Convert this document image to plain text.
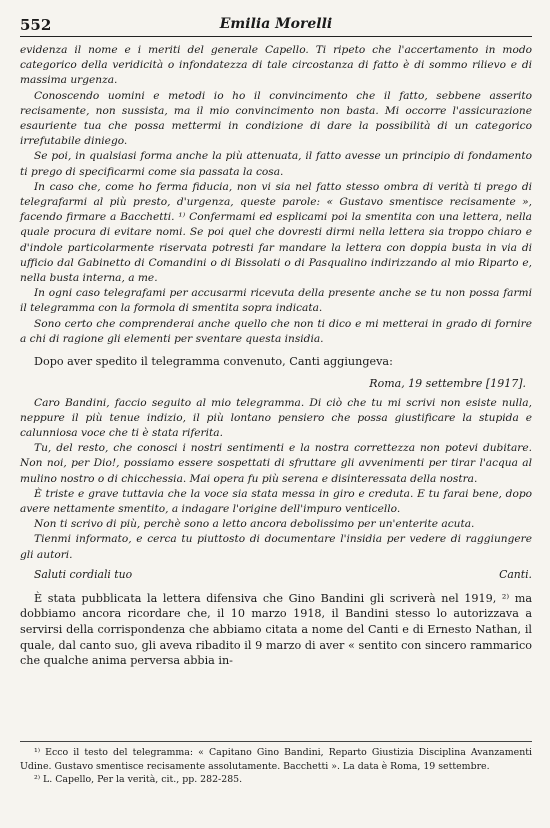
552	Emilia Morelli

evidenza il nome e i meriti del generale Capello. Ti ripeto che l'accertamento in modo categorico della veridicità o infondatezza di tale circostanza di fatto è di sommo rilievo e di massima urgenza.

Conoscendo uomini e metodi io ho il convincimento che il fatto, sebbene asserito recisamente, non sussista, ma il mio convincimento non basta. Mi occorre l'assicurazione esauriente tua che possa mettermi in condizione di dare la possibilità di un categorico irrefutabile diniego.

Se poi, in qualsiasi forma anche la più attenuata, il fatto avesse un principio di fondamento ti prego di specificarmi come sia passata la cosa.

In caso che, come ho ferma fiducia, non vi sia nel fatto stesso ombra di verità ti prego di telegrafarmi al più presto, d'urgenza, queste parole: « Gustavo smentisce recisamente », facendo firmare a Bacchetti. ¹⁾ Confermami ed esplicami poi la smentita con una lettera, nella quale procura di evitare nomi. Se poi quel che dovresti dirmi nella lettera sia troppo chiaro e d'indole particolarmente riservata potresti far mandare la lettera con doppia busta in via di ufficio dal Gabinetto di Comandini o di Bissolati o di Pasqualino indirizzando al mio Riparto e, nella busta interna, a me.

In ogni caso telegrafami per accusarmi ricevuta della presente anche se tu non possa farmi il telegramma con la formola di smentita sopra indicata.

Sono certo che comprenderai anche quello che non ti dico e mi metterai in grado di fornire a chi di ragione gli elementi per sventare questa insidia.

Dopo aver spedito il telegramma convenuto, Canti aggiungeva:

Roma, 19 settembre [1917].

Caro Bandini, faccio seguito al mio telegramma. Di ciò che tu mi scrivi non esiste nulla, neppure il più tenue indizio, il più lontano pensiero che possa giustificare la stupida e calunniosa voce che ti è stata riferita.

Tu, del resto, che conosci i nostri sentimenti e la nostra correttezza non potevi dubitare. Non noi, per Dio!, possiamo essere sospettati di sfruttare gli avvenimenti per tirar l'acqua al mulino nostro o di chicchessia. Mai opera fu più serena e disinteressata della nostra.

È triste e grave tuttavia che la voce sia stata messa in giro e creduta. E tu farai bene, dopo avere nettamente smentito, a indagare l'origine dell'impuro venticello.

Non ti scrivo di più, perchè sono a letto ancora debolissimo per un'enterite acuta.

Tienmi informato, e cerca tu piuttosto di documentare l'insidia per vedere di raggiungere gli autori.

Saluti cordiali tuo	Canti.

È stata pubblicata la lettera difensiva che Gino Bandini gli scriverà nel 1919, ²⁾ ma dobbiamo ancora ricordare che, il 10 marzo 1918, il Bandini stesso lo autorizzava a servirsi della corrispondenza che abbiamo citata a nome del Canti e di Ernesto Nathan, il quale, dal canto suo, gli aveva ribadito il 9 marzo di aver « sentito con sincero rammarico che qualche anima perversa abbia in-

¹⁾ Ecco il testo del telegramma: « Capitano Gino Bandini, Reparto Giustizia Disciplina Avanzamenti Udine. Gustavo smentisce recisamente assolutamente. Bacchetti ». La data è Roma, 19 settembre.

²⁾ L. Capello, Per la verità, cit., pp. 282-285.
